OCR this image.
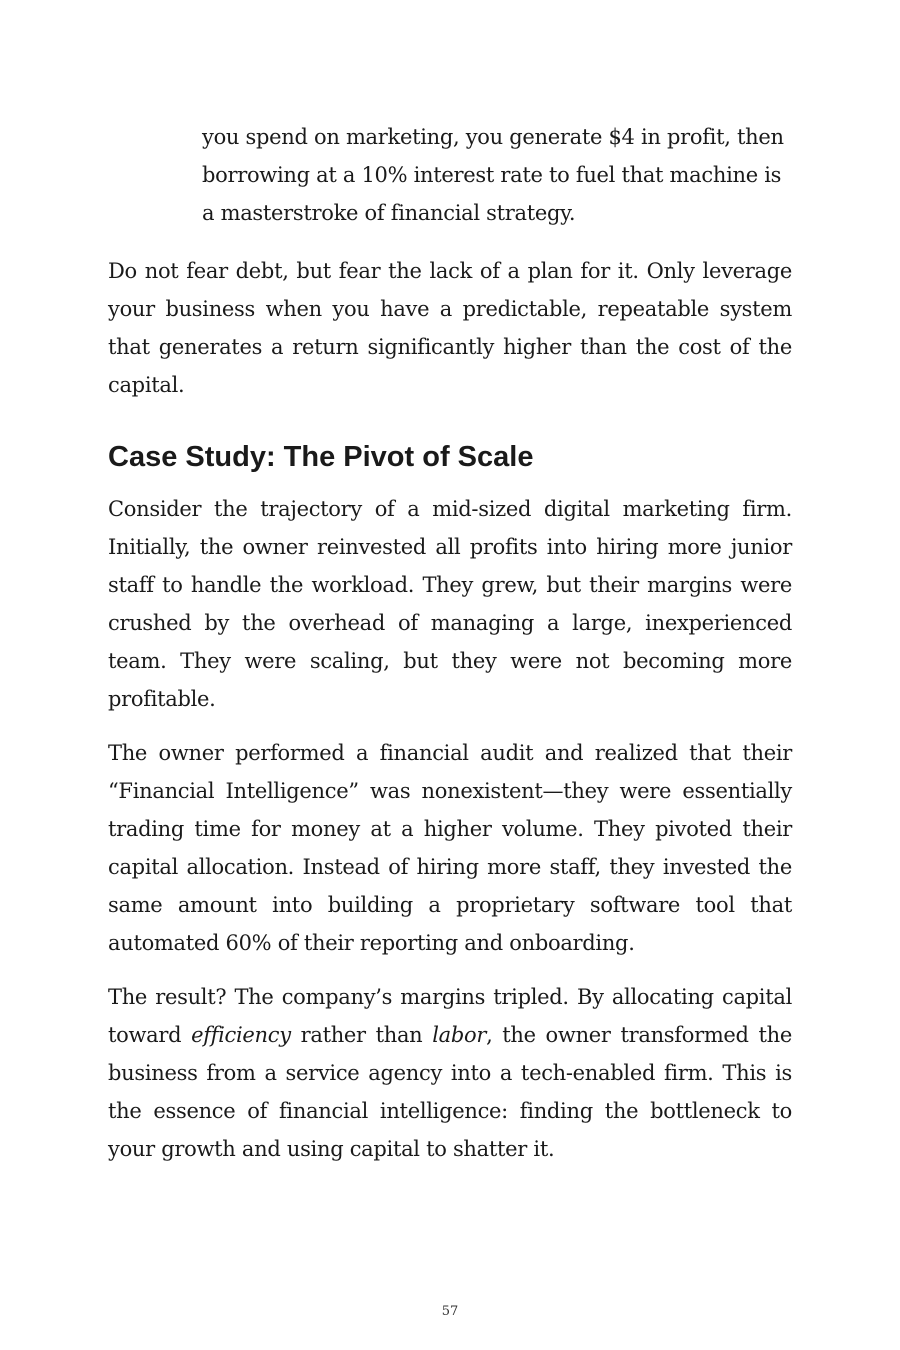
you spend on marketing, you generate $4 in profit, then borrowing at a 10% interest rate to fuel that machine is a masterstroke of financial strategy.

Do not fear debt, but fear the lack of a plan for it. Only leverage your business when you have a predictable, repeatable system that generates a return significantly higher than the cost of the capital.

Case Study: The Pivot of Scale

Consider the trajectory of a mid-sized digital marketing firm. Initially, the owner reinvested all profits into hiring more junior staff to handle the workload. They grew, but their margins were crushed by the overhead of managing a large, inexperienced team. They were scaling, but they were not becoming more profitable.

The owner performed a financial audit and realized that their “Financial Intelligence” was nonexistent—they were essentially trading time for money at a higher volume. They pivoted their capital allocation. Instead of hiring more staff, they invested the same amount into building a proprietary software tool that automated 60% of their reporting and onboarding.

The result? The company’s margins tripled. By allocating capital toward efficiency rather than labor, the owner transformed the business from a service agency into a tech-enabled firm. This is the essence of financial intelligence: finding the bottleneck to your growth and using capital to shatter it.

57
